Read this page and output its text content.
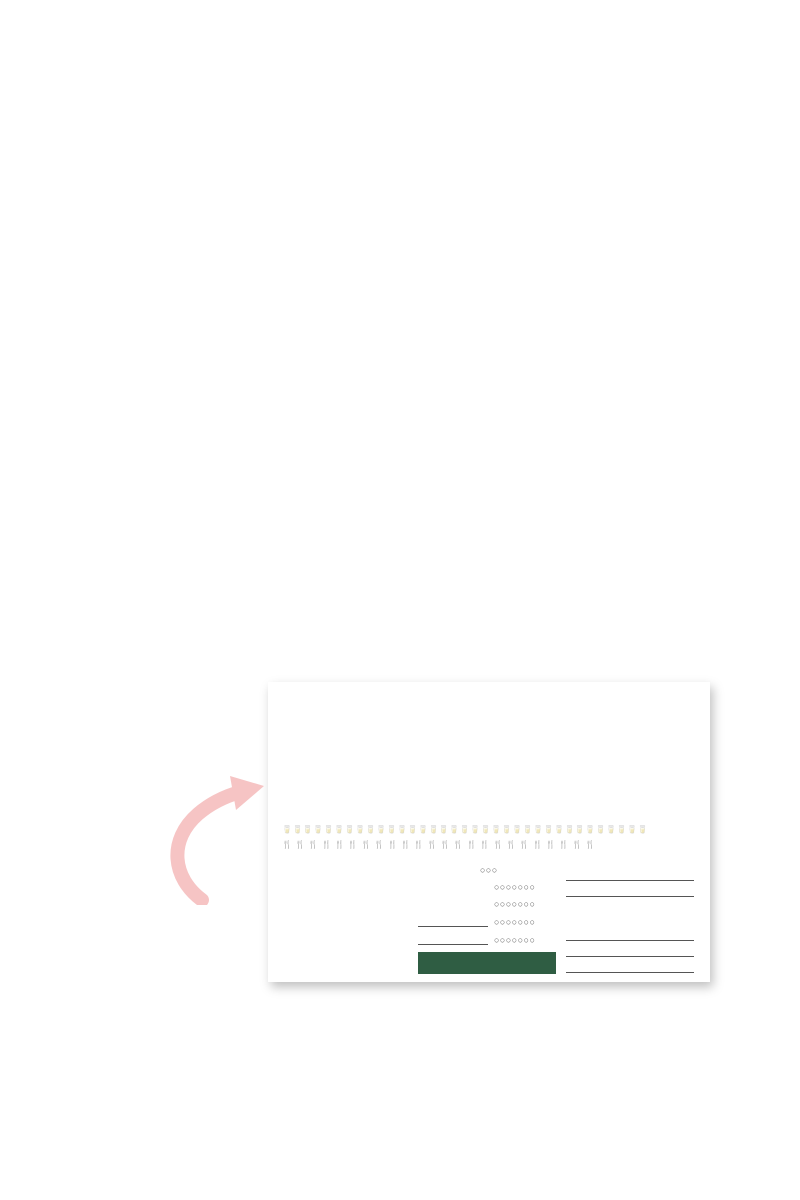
🥛🥛🥛🥛🥛🥛🥛🥛🥛🥛🥛🥛🥛🥛🥛🥛🥛🥛🥛🥛🥛🥛🥛🥛🥛🥛🥛🥛🥛🥛🥛🥛🥛🥛🥛
🍴 🍴 🍴 🍴 🍴 🍴 🍴 🍴 🍴 🍴 🍴 🍴 🍴 🍴 🍴 🍴 🍴 🍴 🍴 🍴 🍴 🍴 🍴 🍴
○○○
○○○○○○○
○○○○○○○
○○○○○○○
○○○○○○○
